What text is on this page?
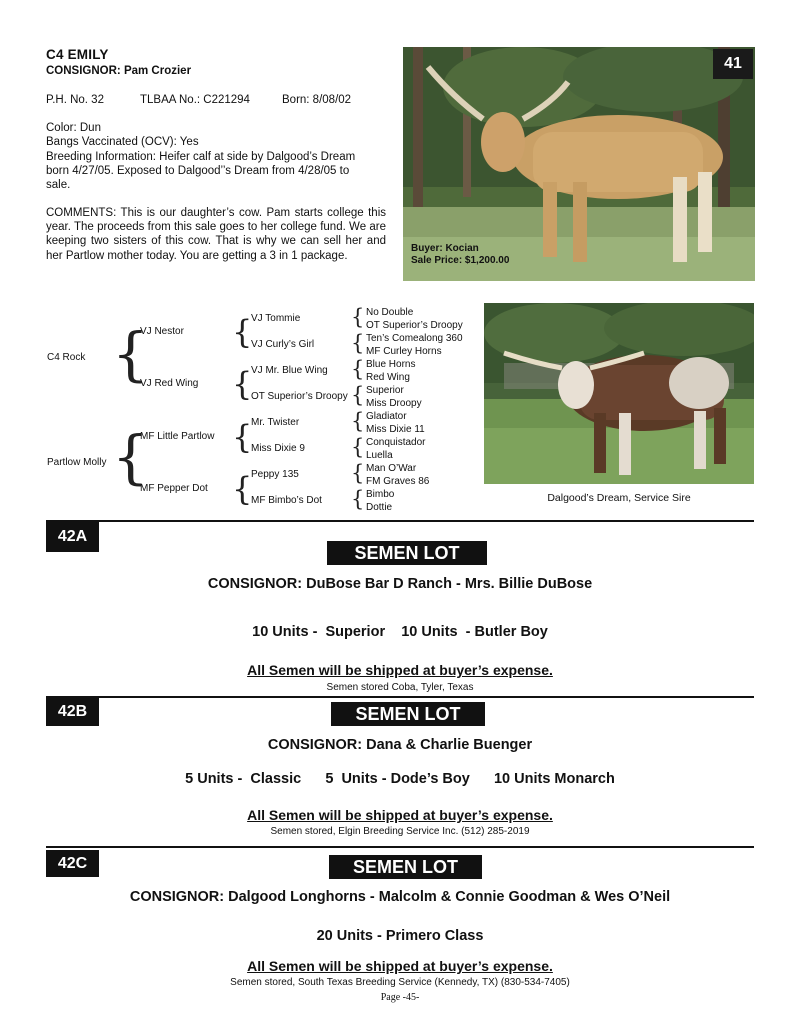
C4 EMILY
CONSIGNOR: Pam Crozier
P.H. No. 32	TLBAA No.: C221294	Born: 8/08/02
Color: Dun
Bangs Vaccinated (OCV): Yes
Breeding Information: Heifer calf at side by Dalgood’s Dream born 4/27/05. Exposed to Dalgood’’s Dream from 4/28/05 to sale.
COMMENTS: This is our daughter’s cow. Pam starts college this year. The proceeds from this sale goes to her college fund. We are keeping two sisters of this cow. That is why we can sell her and her Partlow mother today. You are getting a 3 in 1 package.
41
Buyer: Kocian
Sale Price: $1,200.00
C4 Rock
Partlow Molly
{
{
VJ Nestor
VJ Red Wing
MF Little Partlow
MF Pepper Dot
{
{
{
{
VJ Tommie
VJ Curly’s Girl
VJ Mr. Blue Wing
OT Superior’s Droopy
Mr. Twister
Miss Dixie 9
Peppy 135
MF Bimbo’s Dot
{
{
{
{
{
{
{
{
No Double
OT Superior’s Droopy
Ten’s Comealong 360
MF Curley Horns
Blue Horns
Red Wing
Superior
Miss Droopy
Gladiator
Miss Dixie 11
Conquistador
Luella
Man O’War
FM Graves 86
Bimbo
Dottie
Dalgood’s Dream, Service Sire
42A
SEMEN LOT
CONSIGNOR: DuBose Bar D Ranch - Mrs. Billie DuBose
10 Units -  Superior    10 Units  - Butler Boy
All Semen will be shipped at buyer’s expense.
Semen stored Coba, Tyler, Texas
42B	SEMEN LOT
CONSIGNOR: Dana & Charlie Buenger
5 Units -  Classic      5  Units - Dode’s Boy      10 Units Monarch
All Semen will be shipped at buyer’s expense.
Semen stored, Elgin Breeding Service Inc. (512) 285-2019
42C	SEMEN LOT
CONSIGNOR: Dalgood Longhorns - Malcolm & Connie Goodman & Wes O’Neil
20 Units - Primero Class
All Semen will be shipped at buyer’s expense.
Semen stored, South Texas Breeding Service (Kennedy, TX) (830-534-7405)
Page -45-
